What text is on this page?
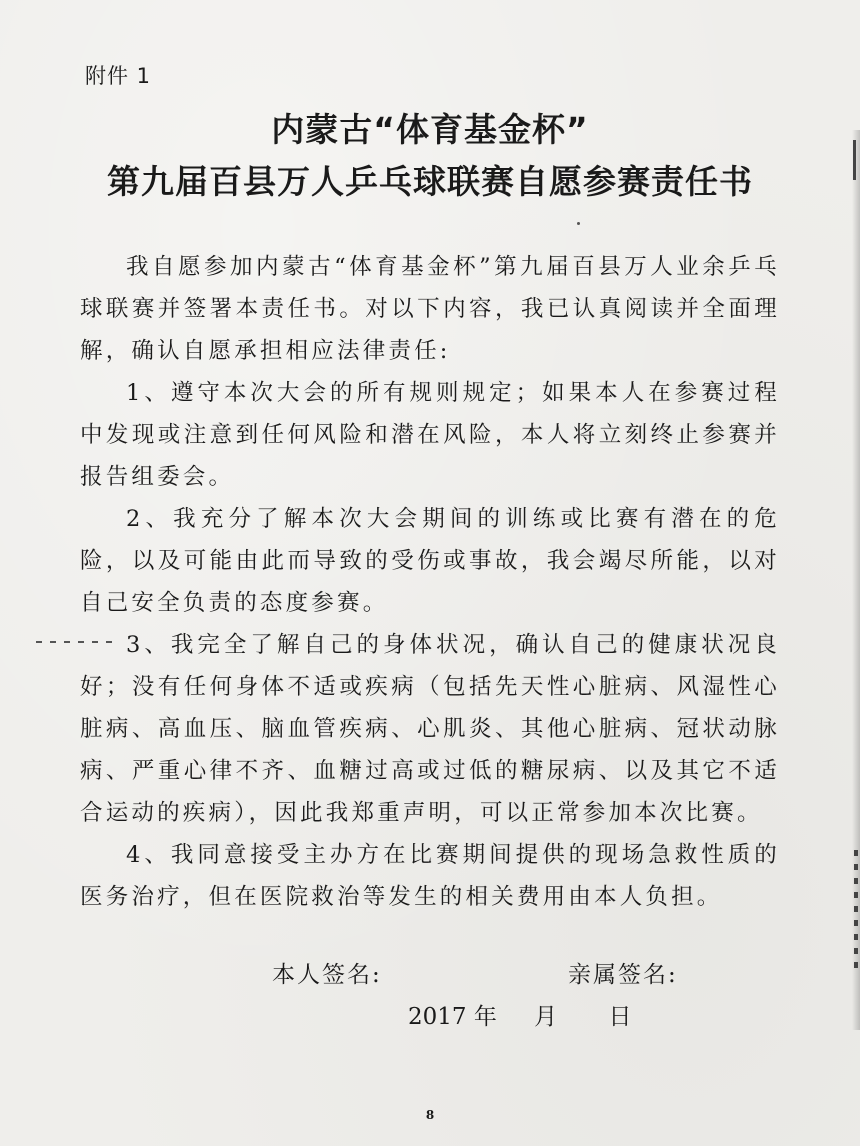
附件 1
内蒙古“体育基金杯”
第九届百县万人乒乓球联赛自愿参赛责任书
我自愿参加内蒙古“体育基金杯”第九届百县万人业余乒乓球联赛并签署本责任书。对以下内容，我已认真阅读并全面理解，确认自愿承担相应法律责任:
1、遵守本次大会的所有规则规定；如果本人在参赛过程中发现或注意到任何风险和潜在风险，本人将立刻终止参赛并报告组委会。
2、我充分了解本次大会期间的训练或比赛有潜在的危险，以及可能由此而导致的受伤或事故，我会竭尽所能，以对自己安全负责的态度参赛。
3、我完全了解自己的身体状况，确认自己的健康状况良好；没有任何身体不适或疾病（包括先天性心脏病、风湿性心脏病、高血压、脑血管疾病、心肌炎、其他心脏病、冠状动脉病、严重心律不齐、血糖过高或过低的糖尿病、以及其它不适合运动的疾病），因此我郑重声明，可以正常参加本次比赛。
4、我同意接受主办方在比赛期间提供的现场急救性质的医务治疗，但在医院救治等发生的相关费用由本人负担。
本人签名:	亲属签名:
2017 年 月 日
8
